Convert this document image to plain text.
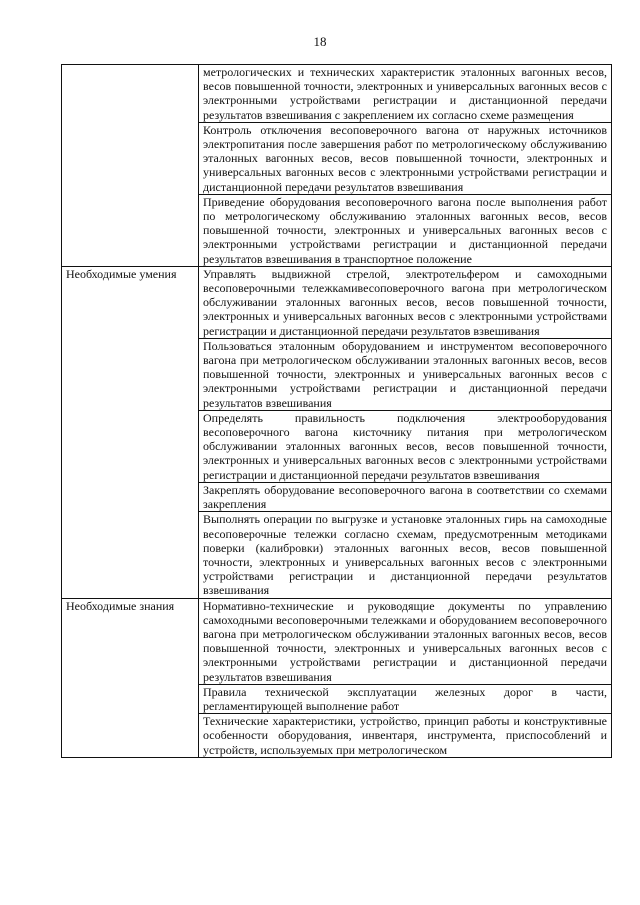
18
	метрологических и технических характеристик эталонных вагонных весов, весов повышенной точности, электронных и универсальных вагонных весов с электронными устройствами регистрации и дистанционной передачи результатов взвешивания с закреплением их согласно схеме размещения
	Контроль отключения весоповерочного вагона от наружных источников электропитания после завершения работ по метрологическому обслуживанию эталонных вагонных весов, весов повышенной точности, электронных и универсальных вагонных весов с электронными устройствами регистрации и дистанционной передачи результатов взвешивания
	Приведение оборудования весоповерочного вагона после выполнения работ по метрологическому обслуживанию эталонных вагонных весов, весов повышенной точности, электронных и универсальных вагонных весов с электронными устройствами регистрации и дистанционной передачи результатов взвешивания в транспортное положение
Необходимые умения	Управлять выдвижной стрелой, электротельфером и самоходными весоповерочными тележкамивесоповерочного вагона при метрологическом обслуживании эталонных вагонных весов, весов повышенной точности, электронных и универсальных вагонных весов с электронными устройствами регистрации и дистанционной передачи результатов взвешивания
	Пользоваться эталонным оборудованием и инструментом весоповерочного вагона при метрологическом обслуживании эталонных вагонных весов, весов повышенной точности, электронных и универсальных вагонных весов с электронными устройствами регистрации и дистанционной передачи результатов взвешивания
	Определять правильность подключения электрооборудования весоповерочного вагона кисточнику питания при метрологическом обслуживании эталонных вагонных весов, весов повышенной точности, электронных и универсальных вагонных весов с электронными устройствами регистрации и дистанционной передачи результатов взвешивания
	Закреплять оборудование весоповерочного вагона в соответствии со схемами закрепления
	Выполнять операции по выгрузке и установке эталонных гирь на самоходные весоповерочные тележки согласно схемам, предусмотренным методиками поверки (калибровки) эталонных вагонных весов, весов повышенной точности, электронных и универсальных вагонных весов с электронными устройствами регистрации и дистанционной передачи результатов взвешивания
Необходимые знания	Нормативно-технические и руководящие документы по управлению самоходными весоповерочными тележками и оборудованием весоповерочного вагона при метрологическом обслуживании эталонных вагонных весов, весов повышенной точности, электронных и универсальных вагонных весов с электронными устройствами регистрации и дистанционной передачи результатов взвешивания
	Правила технической эксплуатации железных дорог в части, регламентирующей выполнение работ
	Технические характеристики, устройство, принцип работы и конструктивные особенности оборудования, инвентаря, инструмента, приспособлений и устройств, используемых при метрологическом
